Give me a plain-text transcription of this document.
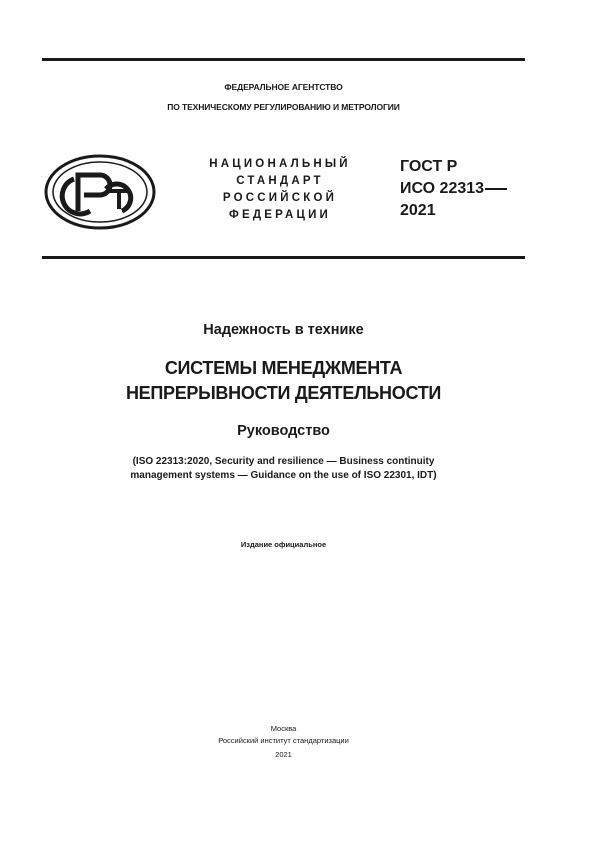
ФЕДЕРАЛЬНОЕ АГЕНТСТВО
ПО ТЕХНИЧЕСКОМУ РЕГУЛИРОВАНИЮ И МЕТРОЛОГИИ
НАЦИОНАЛЬНЫЙ
СТАНДАРТ
РОССИЙСКОЙ
ФЕДЕРАЦИИ
ГОСТ Р
ИСО 22313
2021
Надежность в технике
СИСТЕМЫ МЕНЕДЖМЕНТА
НЕПРЕРЫВНОСТИ ДЕЯТЕЛЬНОСТИ
Руководство
(ISO 22313:2020, Security and resilience — Business continuity
management systems — Guidance on the use of ISO 22301, IDT)
Издание официальное
Москва
Российский институт стандартизации
2021
